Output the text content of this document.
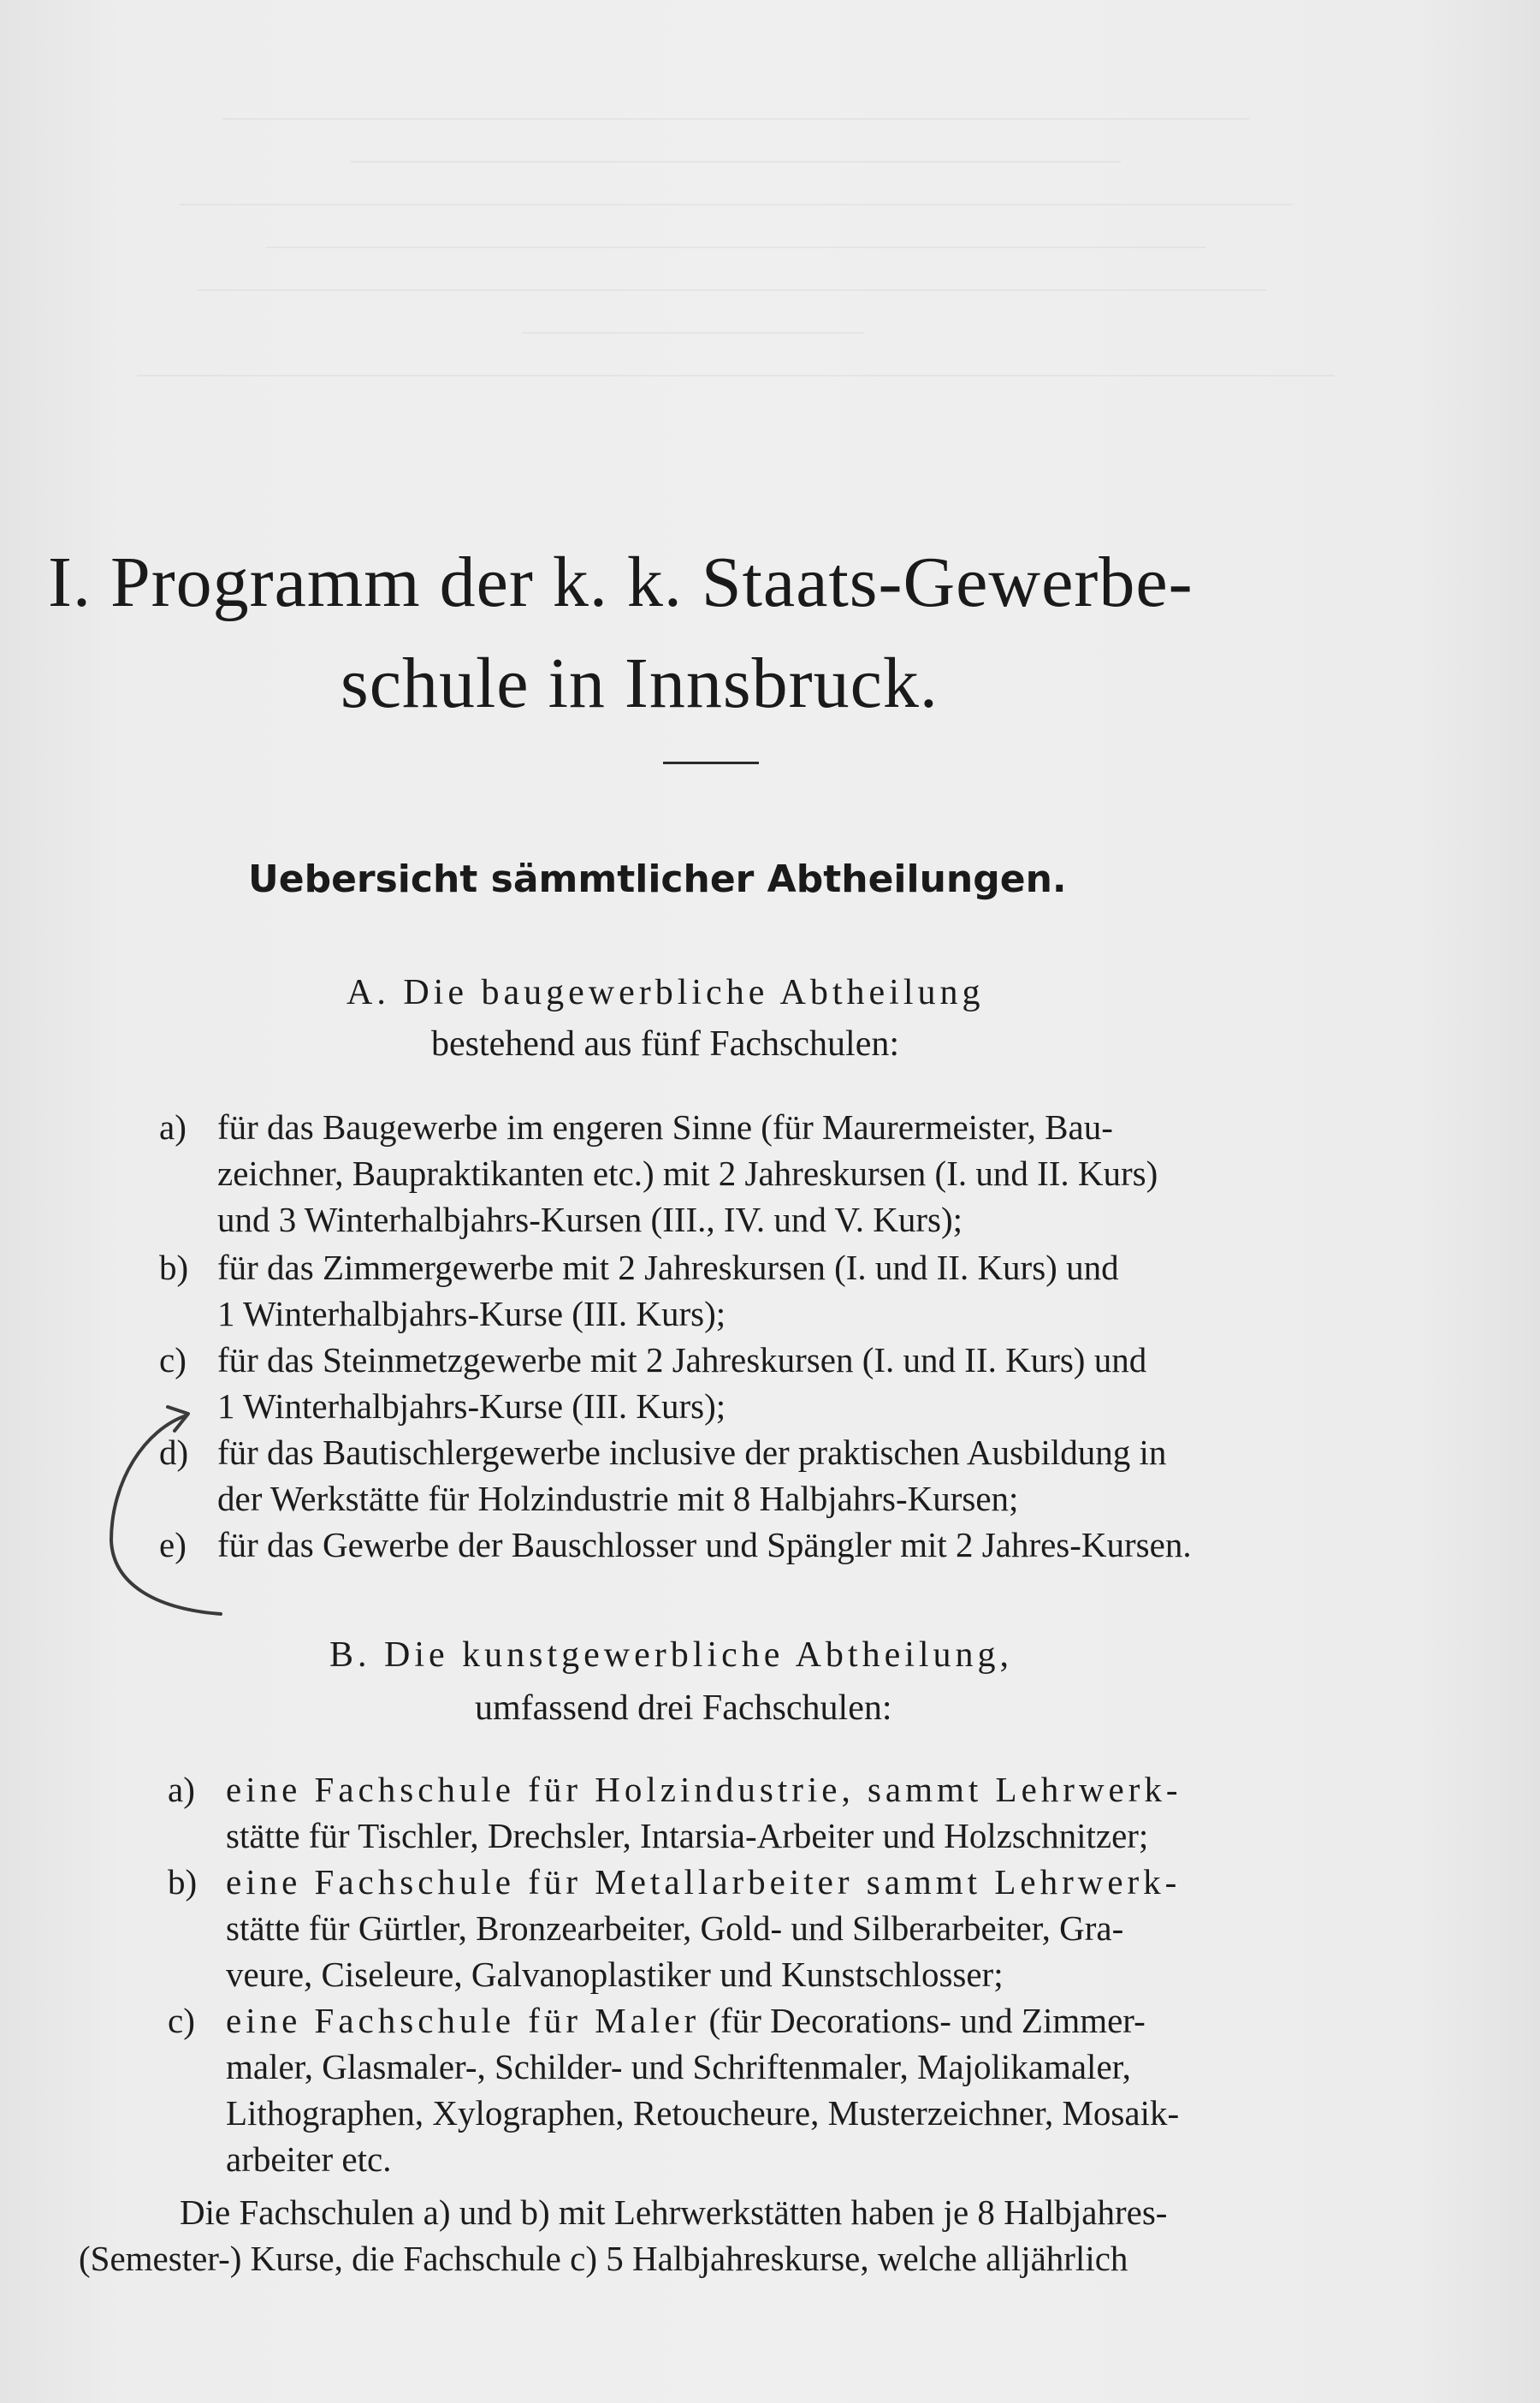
I. Programm der k. k. Staats-Gewerbe-
schule in Innsbruck.
Uebersicht sämmtlicher Abtheilungen.
A. Die baugewerbliche Abtheilung
bestehend aus fünf Fachschulen:
a) für das Baugewerbe im engeren Sinne (für Maurermeister, Bau-
zeichner, Baupraktikanten etc.) mit 2 Jahreskursen (I. und II. Kurs)
und 3 Winterhalbjahrs-Kursen (III., IV. und V. Kurs);
b) für das Zimmergewerbe mit 2 Jahreskursen (I. und II. Kurs) und
1 Winterhalbjahrs-Kurse (III. Kurs);
c) für das Steinmetzgewerbe mit 2 Jahreskursen (I. und II. Kurs) und
1 Winterhalbjahrs-Kurse (III. Kurs);
d) für das Bautischlergewerbe inclusive der praktischen Ausbildung in
der Werkstätte für Holzindustrie mit 8 Halbjahrs-Kursen;
e) für das Gewerbe der Bauschlosser und Spängler mit 2 Jahres-Kursen.
B. Die kunstgewerbliche Abtheilung,
umfassend drei Fachschulen:
a) eine Fachschule für Holzindustrie, sammt Lehrwerk-
stätte für Tischler, Drechsler, Intarsia-Arbeiter und Holzschnitzer;
b) eine Fachschule für Metallarbeiter sammt Lehrwerk-
stätte für Gürtler, Bronzearbeiter, Gold- und Silberarbeiter, Gra-
veure, Ciseleure, Galvanoplastiker und Kunstschlosser;
c) eine Fachschule für Maler (für Decorations- und Zimmer-
maler, Glasmaler-, Schilder- und Schriftenmaler, Majolikamaler,
Lithographen, Xylographen, Retoucheure, Musterzeichner, Mosaik-
arbeiter etc.
Die Fachschulen a) und b) mit Lehrwerkstätten haben je 8 Halbjahres-
(Semester-) Kurse, die Fachschule c) 5 Halbjahreskurse, welche alljährlich
